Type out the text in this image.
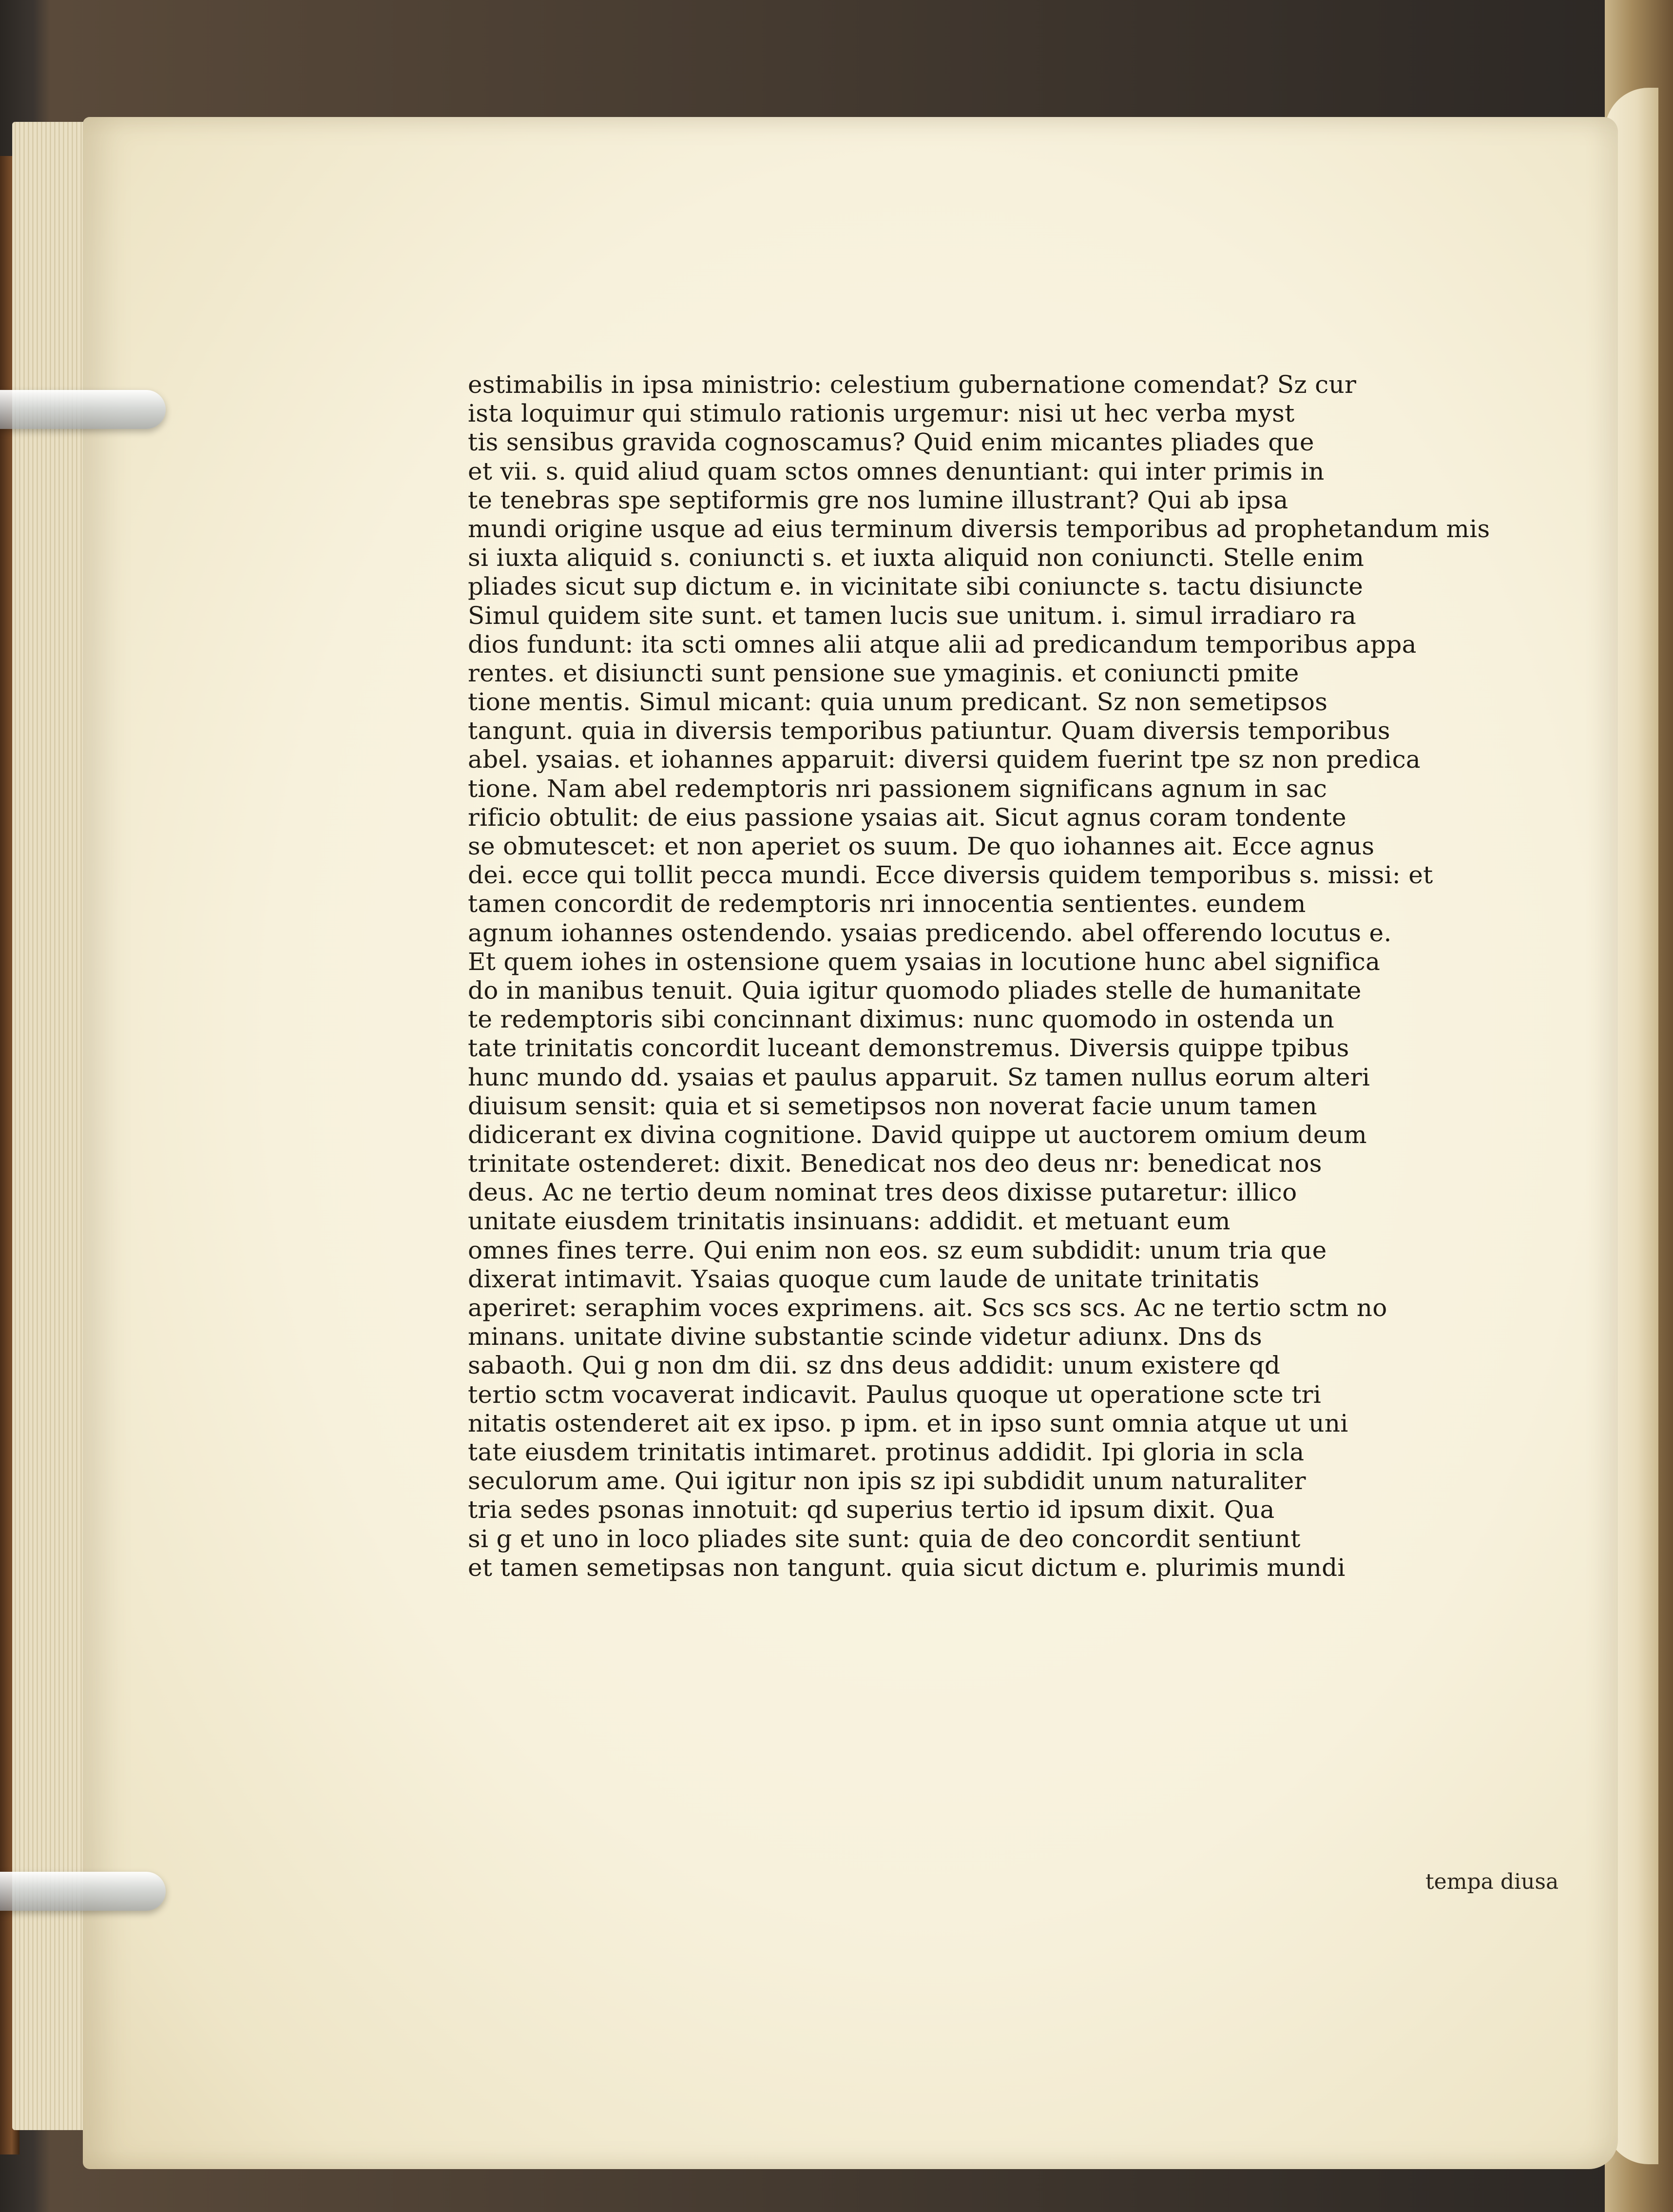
estimabilis in ipsa ministrio: celestium gubernatione comendat? Sz cur
ista loquimur qui stimulo rationis urgemur: nisi ut hec verba myst
tis sensibus gravida cognoscamus? Quid enim micantes pliades que
et vii. s. quid aliud quam sctos omnes denuntiant: qui inter primis in
te tenebras spe septiformis gre nos lumine illustrant? Qui ab ipsa
mundi origine usque ad eius terminum diversis temporibus ad prophetandum mis
si iuxta aliquid s. coniuncti s. et iuxta aliquid non coniuncti. Stelle enim
pliades sicut sup dictum e. in vicinitate sibi coniuncte s. tactu disiuncte
Simul quidem site sunt. et tamen lucis sue unitum. i. simul irradiaro ra
dios fundunt: ita scti omnes alii atque alii ad predicandum temporibus appa
rentes. et disiuncti sunt pensione sue ymaginis. et coniuncti pmite
tione mentis. Simul micant: quia unum predicant. Sz non semetipsos
tangunt. quia in diversis temporibus patiuntur. Quam diversis temporibus
abel. ysaias. et iohannes apparuit: diversi quidem fuerint tpe sz non predica
tione. Nam abel redemptoris nri passionem significans agnum in sac
rificio obtulit: de eius passione ysaias ait. Sicut agnus coram tondente
se obmutescet: et non aperiet os suum. De quo iohannes ait. Ecce agnus
dei. ecce qui tollit pecca mundi. Ecce diversis quidem temporibus s. missi: et
tamen concordit de redemptoris nri innocentia sentientes. eundem
agnum iohannes ostendendo. ysaias predicendo. abel offerendo locutus e.
Et quem iohes in ostensione quem ysaias in locutione hunc abel significa
do in manibus tenuit. Quia igitur quomodo pliades stelle de humanitate
te redemptoris sibi concinnant diximus: nunc quomodo in ostenda un
tate trinitatis concordit luceant demonstremus. Diversis quippe tpibus
hunc mundo dd. ysaias et paulus apparuit. Sz tamen nullus eorum alteri
diuisum sensit: quia et si semetipsos non noverat facie unum tamen
didicerant ex divina cognitione. David quippe ut auctorem omium deum
trinitate ostenderet: dixit. Benedicat nos deo deus nr: benedicat nos
deus. Ac ne tertio deum nominat tres deos dixisse putaretur: illico
unitate eiusdem trinitatis insinuans: addidit. et metuant eum
omnes fines terre. Qui enim non eos. sz eum subdidit: unum tria que
dixerat intimavit. Ysaias quoque cum laude de unitate trinitatis
aperiret: seraphim voces exprimens. ait. Scs scs scs. Ac ne tertio sctm no
minans. unitate divine substantie scinde videtur adiunx. Dns ds
sabaoth. Qui g non dm dii. sz dns deus addidit: unum existere qd
tertio sctm vocaverat indicavit. Paulus quoque ut operatione scte tri
nitatis ostenderet ait ex ipso. p ipm. et in ipso sunt omnia atque ut uni
tate eiusdem trinitatis intimaret. protinus addidit. Ipi gloria in scla
seculorum ame. Qui igitur non ipis sz ipi subdidit unum naturaliter
tria sedes psonas innotuit: qd superius tertio id ipsum dixit. Qua
si g et uno in loco pliades site sunt: quia de deo concordit sentiunt
et tamen semetipsas non tangunt. quia sicut dictum e. plurimis mundi
tempa diusa
